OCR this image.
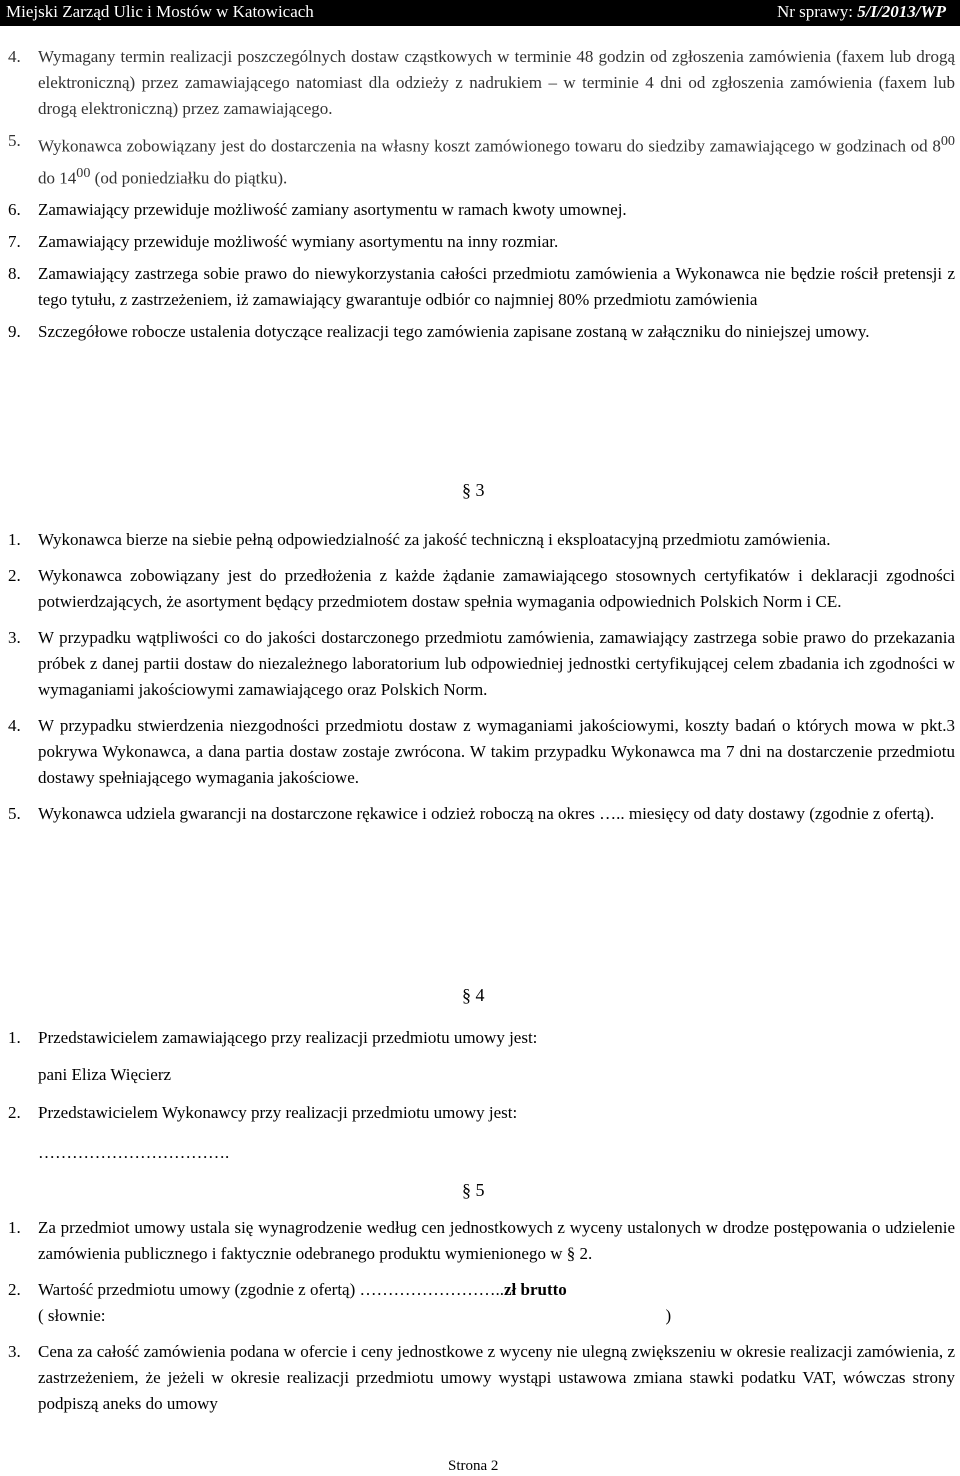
Miejski Zarząd Ulic i Mostów w Katowicach	Nr sprawy: 5/I/2013/WP
4. Wymagany termin realizacji poszczególnych dostaw cząstkowych w terminie 48 godzin od zgłoszenia zamówienia (faxem lub drogą elektroniczną) przez zamawiającego natomiast dla odzieży z nadrukiem – w terminie 4 dni od zgłoszenia zamówienia (faxem lub drogą elektroniczną) przez zamawiającego.
5. Wykonawca zobowiązany jest do dostarczenia na własny koszt zamówionego towaru do siedziby zamawiającego w godzinach od $8^{00}$ do $14^{00}$ (od poniedziałku do piątku).
6. Zamawiający przewiduje możliwość zamiany asortymentu w ramach kwoty umownej.
7. Zamawiający przewiduje możliwość wymiany asortymentu na inny rozmiar.
8. Zamawiający zastrzega sobie prawo do niewykorzystania całości przedmiotu zamówienia a Wykonawca nie będzie rościł pretensji z tego tytułu, z zastrzeżeniem, iż zamawiający gwarantuje odbiór co najmniej 80% przedmiotu zamówienia
9. Szczegółowe robocze ustalenia dotyczące realizacji tego zamówienia zapisane zostaną w załączniku do niniejszej umowy.
§ 3
1. Wykonawca bierze na siebie pełną odpowiedzialność za jakość techniczną i eksploatacyjną przedmiotu zamówienia.
2. Wykonawca zobowiązany jest do przedłożenia z każde żądanie zamawiającego stosownych certyfikatów i deklaracji zgodności potwierdzających, że asortyment będący przedmiotem dostaw spełnia wymagania odpowiednich Polskich Norm i CE.
3. W przypadku wątpliwości co do jakości dostarczonego przedmiotu zamówienia, zamawiający zastrzega sobie prawo do przekazania próbek z danej partii dostaw do niezależnego laboratorium lub odpowiedniej jednostki certyfikującej celem zbadania ich zgodności w wymaganiami jakościowymi zamawiającego oraz Polskich Norm.
4. W przypadku stwierdzenia niezgodności przedmiotu dostaw z wymaganiami jakościowymi, koszty badań o których mowa w pkt.3 pokrywa Wykonawca, a dana partia dostaw zostaje zwrócona. W takim przypadku Wykonawca ma 7 dni na dostarczenie przedmiotu dostawy spełniającego wymagania jakościowe.
5. Wykonawca udziela gwarancji na dostarczone rękawice i odzież roboczą na okres ….. miesięcy od daty dostawy (zgodnie z ofertą).
§ 4
1. Przedstawicielem zamawiającego przy realizacji przedmiotu umowy jest:
pani Eliza Więcierz
2. Przedstawicielem Wykonawcy przy realizacji przedmiotu umowy jest:
…………………………….
§ 5
1. Za przedmiot umowy ustala się wynagrodzenie według cen jednostkowych z wyceny ustalonych w drodze postępowania o udzielenie zamówienia publicznego i faktycznie odebranego produktu wymienionego w § 2.
2. Wartość przedmiotu umowy (zgodnie z ofertą) ……………………..zł brutto
( słownie:	)
3. Cena za całość zamówienia podana w ofercie i ceny jednostkowe z wyceny nie ulegną zwiększeniu w okresie realizacji zamówienia, z zastrzeżeniem, że jeżeli w okresie realizacji przedmiotu umowy wystąpi ustawowa zmiana stawki podatku VAT, wówczas strony podpiszą aneks do umowy
Strona 2
